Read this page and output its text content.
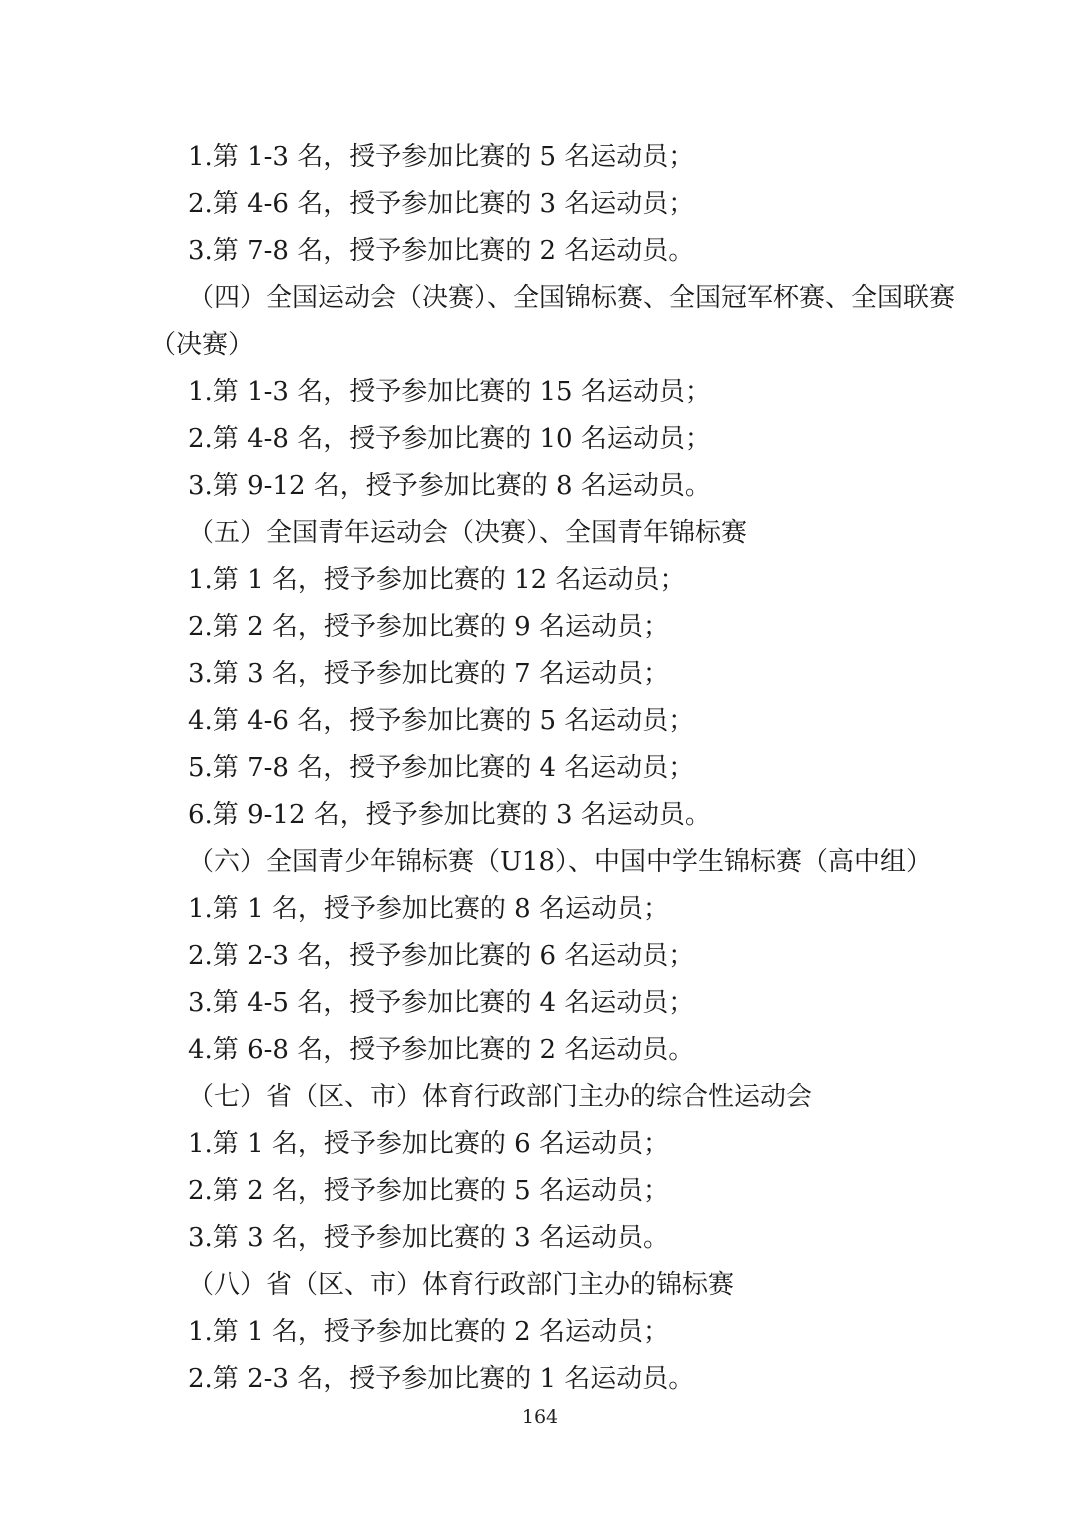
1.第 1-3 名，授予参加比赛的 5 名运动员；
2.第 4-6 名，授予参加比赛的 3 名运动员；
3.第 7-8 名，授予参加比赛的 2 名运动员。
（四）全国运动会（决赛）、全国锦标赛、全国冠军杯赛、全国联赛
（决赛）
1.第 1-3 名，授予参加比赛的 15 名运动员；
2.第 4-8 名，授予参加比赛的 10 名运动员；
3.第 9-12 名，授予参加比赛的 8 名运动员。
（五）全国青年运动会（决赛）、全国青年锦标赛
1.第 1 名，授予参加比赛的 12 名运动员；
2.第 2 名，授予参加比赛的 9 名运动员；
3.第 3 名，授予参加比赛的 7 名运动员；
4.第 4-6 名，授予参加比赛的 5 名运动员；
5.第 7-8 名，授予参加比赛的 4 名运动员；
6.第 9-12 名，授予参加比赛的 3 名运动员。
（六）全国青少年锦标赛（U18）、中国中学生锦标赛（高中组）
1.第 1 名，授予参加比赛的 8 名运动员；
2.第 2-3 名，授予参加比赛的 6 名运动员；
3.第 4-5 名，授予参加比赛的 4 名运动员；
4.第 6-8 名，授予参加比赛的 2 名运动员。
（七）省（区、市）体育行政部门主办的综合性运动会
1.第 1 名，授予参加比赛的 6 名运动员；
2.第 2 名，授予参加比赛的 5 名运动员；
3.第 3 名，授予参加比赛的 3 名运动员。
（八）省（区、市）体育行政部门主办的锦标赛
1.第 1 名，授予参加比赛的 2 名运动员；
2.第 2-3 名，授予参加比赛的 1 名运动员。
164
